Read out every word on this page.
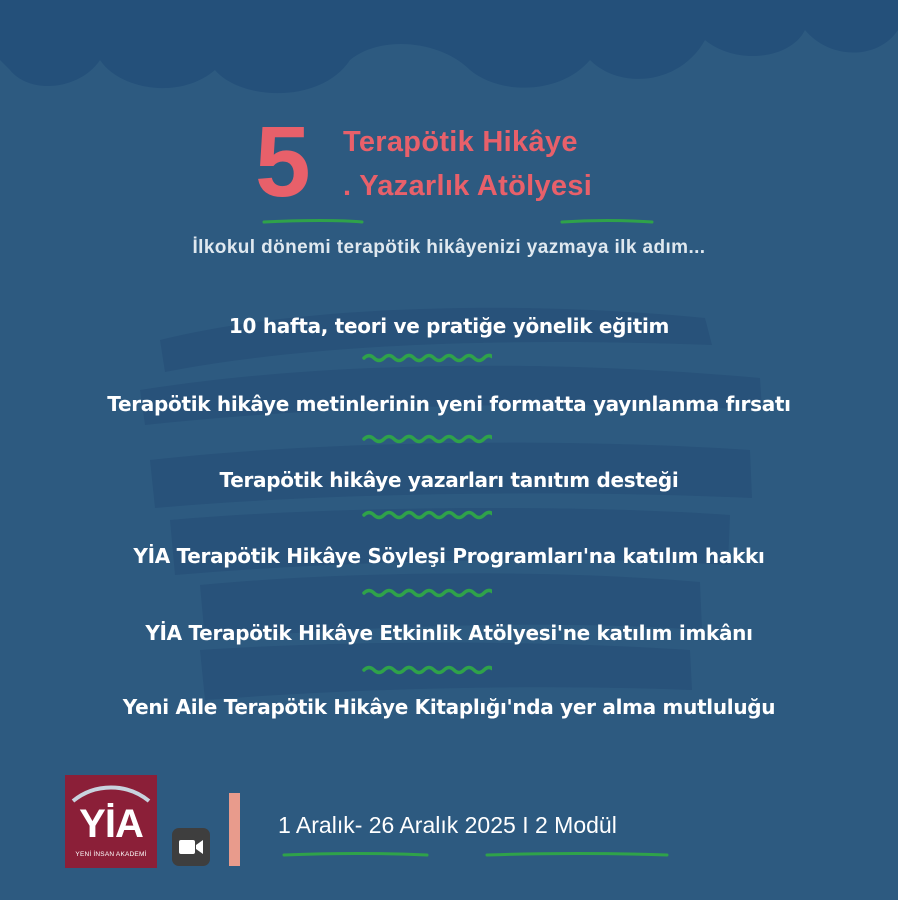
5 Terapötik Hikâye
. Yazarlık Atölyesi
İlkokul dönemi terapötik hikâyenizi yazmaya ilk adım...
10 hafta, teori ve pratiğe yönelik eğitim
Terapötik hikâye metinlerinin yeni formatta yayınlanma fırsatı
Terapötik hikâye yazarları tanıtım desteği
YİA Terapötik Hikâye Söyleşi Programları'na katılım hakkı
YİA Terapötik Hikâye Etkinlik Atölyesi'ne katılım imkânı
Yeni Aile Terapötik Hikâye Kitaplığı'nda yer alma mutluluğu
YİA
YENİ İNSAN AKADEMİ
1 Aralık- 26 Aralık 2025 I 2 Modül
